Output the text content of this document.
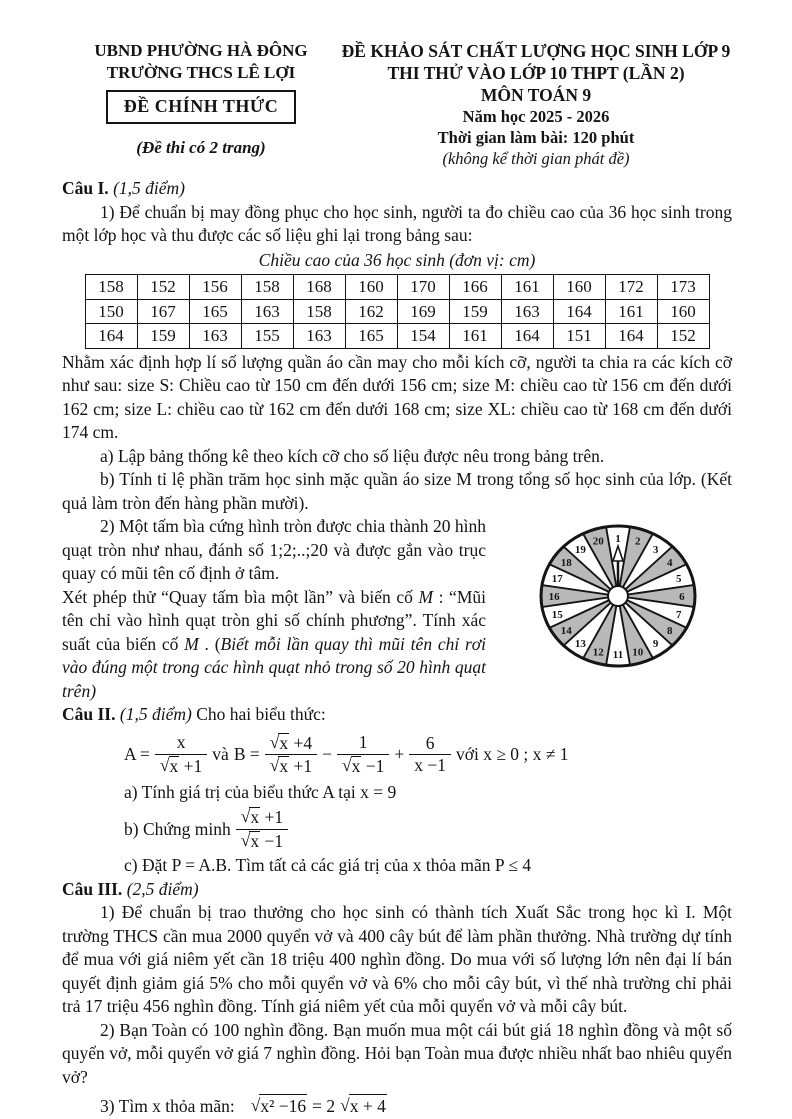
UBND PHƯỜNG HÀ ĐÔNG
TRƯỜNG THCS LÊ LỢI
ĐỀ CHÍNH THỨC
(Đề thi có 2 trang)
ĐỀ KHẢO SÁT CHẤT LƯỢNG HỌC SINH LỚP 9
THI THỬ VÀO LỚP 10 THPT (LẦN 2)
MÔN TOÁN 9
Năm học 2025 - 2026
Thời gian làm bài: 120 phút
(không kể thời gian phát đề)
Câu I. (1,5 điểm)
1) Để chuẩn bị may đồng phục cho học sinh, người ta đo chiều cao của 36 học sinh trong một lớp học và thu được các số liệu ghi lại trong bảng sau:
Chiều cao của 36 học sinh (đơn vị: cm)
158	152	156	158	168	160	170	166	161	160	172	173
150	167	165	163	158	162	169	159	163	164	161	160
164	159	163	155	163	165	154	161	164	151	164	152
Nhằm xác định hợp lí số lượng quần áo cần may cho mỗi kích cỡ, người ta chia ra các kích cỡ như sau: size S: Chiều cao từ 150 cm đến dưới 156 cm; size M: chiều cao từ 156 cm đến dưới 162 cm; size L: chiều cao từ 162 cm đến dưới 168 cm; size XL: chiều cao từ 168 cm đến dưới 174 cm.
a) Lập bảng thống kê theo kích cỡ cho số liệu được nêu trong bảng trên.
b) Tính tỉ lệ phần trăm học sinh mặc quần áo size M trong tổng số học sinh của lớp. (Kết quả làm tròn đến hàng phần mười).
1 2
3
4
5
6
7
8
9
10
11
12
13
14
15
16
17
18
19
20
2) Một tấm bìa cứng hình tròn được chia thành 20 hình quạt tròn như nhau, đánh số 1;2;..;20 và được gắn vào trục quay có mũi tên cố định ở tâm.
Xét phép thử “Quay tấm bìa một lần” và biến cố M : “Mũi tên chỉ vào hình quạt tròn ghi số chính phương”. Tính xác suất của biến cố M . (Biết mỗi lần quay thì mũi tên chỉ rơi vào đúng một trong các hình quạt nhỏ trong số 20 hình quạt trên)
Câu II. (1,5 điểm) Cho hai biểu thức:
$A = \frac{x}{√x +1}$ và $B = \frac{√x +4}{√x +1} - \frac{1}{√x -1} + \frac{6}{x -1}$ với x ≥ 0 ; x ≠ 1
a) Tính giá trị của biểu thức A tại x = 9
b) Chứng minh $\frac{√x +1}{√x -1}$
c) Đặt P = A.B. Tìm tất cả các giá trị của x thỏa mãn P ≤ 4
Câu III. (2,5 điểm)
1) Để chuẩn bị trao thưởng cho học sinh có thành tích Xuất Sắc trong học kì I. Một trường THCS cần mua 2000 quyển vở và 400 cây bút để làm phần thưởng. Nhà trường dự tính để mua với giá niêm yết cần 18 triệu 400 nghìn đồng. Do mua với số lượng lớn nên đại lí bán quyết định giảm giá 5% cho mỗi quyển vở và 6% cho mỗi cây bút, vì thế nhà trường chỉ phải trả 17 triệu 456 nghìn đồng. Tính giá niêm yết của mỗi quyển vở và mỗi cây bút.
2) Bạn Toàn có 100 nghìn đồng. Bạn muốn mua một cái bút giá 18 nghìn đồng và một số quyển vở, mỗi quyển vở giá 7 nghìn đồng. Hỏi bạn Toàn mua được nhiều nhất bao nhiêu quyển vở?
3) Tìm x thỏa mãn: √x² −16 = 2 √x + 4
